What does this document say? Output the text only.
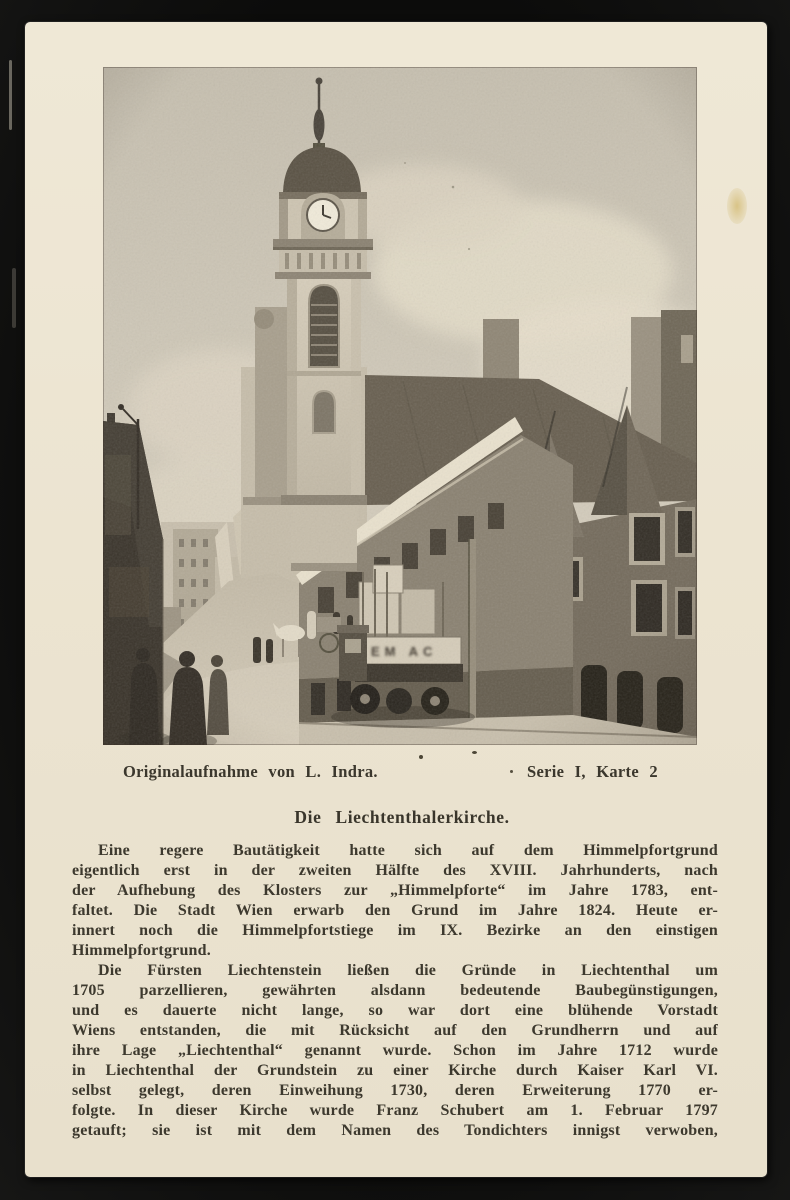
Originalaufnahme von L. Indra.	Serie I, Karte 2
Die Liechtenthalerkirche.
Eine regere Bautätigkeit hatte sich auf dem Himmelpfortgrund
eigentlich erst in der zweiten Hälfte des XVIII. Jahrhunderts, nach
der Aufhebung des Klosters zur „Himmelpforte“ im Jahre 1783, ent-
faltet. Die Stadt Wien erwarb den Grund im Jahre 1824. Heute er-
innert noch die Himmelpfortstiege im IX. Bezirke an den einstigen
Himmelpfortgrund.
Die Fürsten Liechtenstein ließen die Gründe in Liechtenthal um
1705 parzellieren, gewährten alsdann bedeutende Baubegünstigungen,
und es dauerte nicht lange, so war dort eine blühende Vorstadt
Wiens entstanden, die mit Rücksicht auf den Grundherrn und auf
ihre Lage „Liechtenthal“ genannt wurde. Schon im Jahre 1712 wurde
in Liechtenthal der Grundstein zu einer Kirche durch Kaiser Karl VI.
selbst gelegt, deren Einweihung 1730, deren Erweiterung 1770 er-
folgte. In dieser Kirche wurde Franz Schubert am 1. Februar 1797
getauft; sie ist mit dem Namen des Tondichters innigst verwoben,
